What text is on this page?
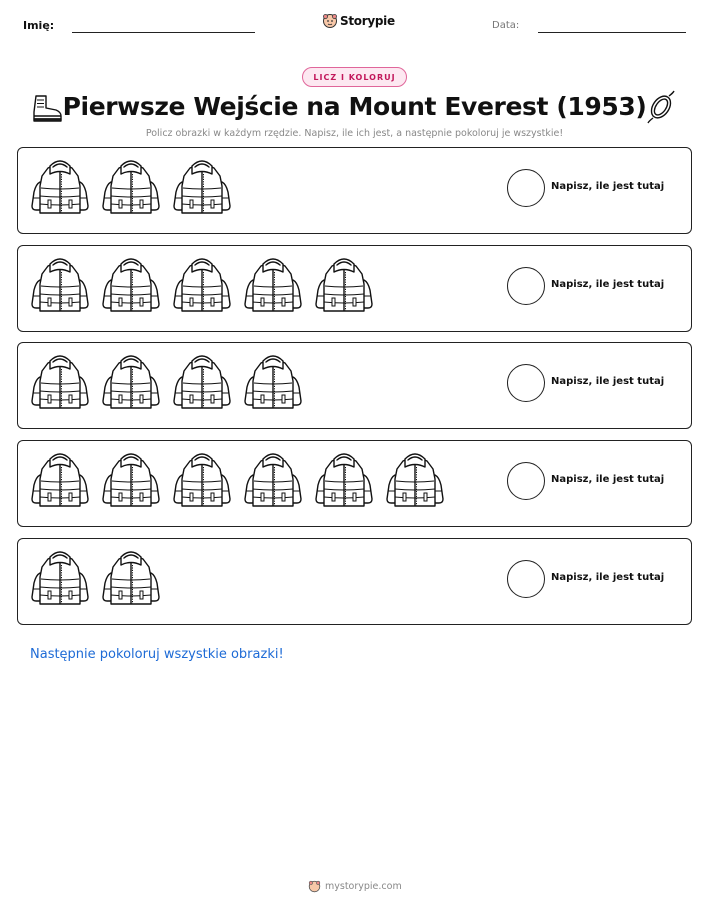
Imię:	Storypie	Data:
LICZ I KOLORUJ
Pierwsze Wejście na Mount Everest (1953)
Policz obrazki w każdym rzędzie. Napisz, ile ich jest, a następnie pokoloruj je wszystkie!
Napisz, ile jest tutaj
Napisz, ile jest tutaj
Napisz, ile jest tutaj
Napisz, ile jest tutaj
Napisz, ile jest tutaj
Następnie pokoloruj wszystkie obrazki!
mystorypie.com
